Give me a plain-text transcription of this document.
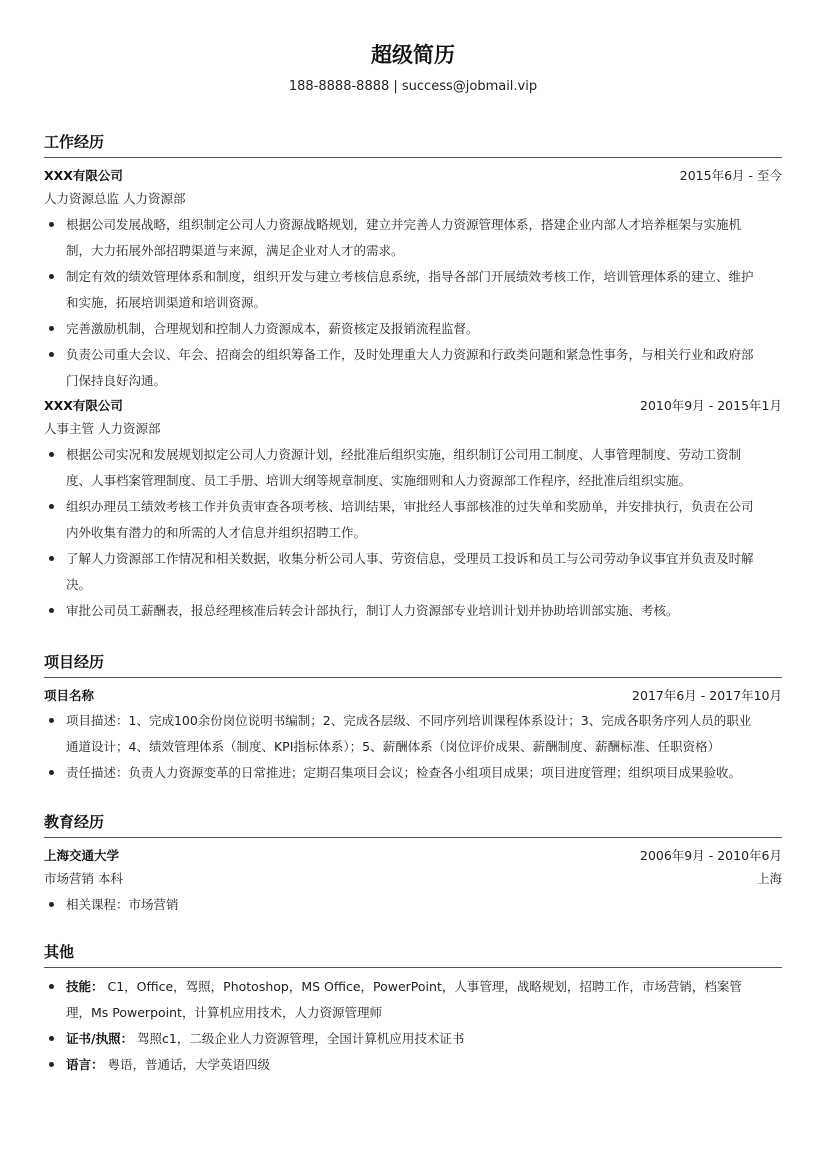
超级简历
188-8888-8888 | success@jobmail.vip
工作经历
XXX有限公司	2015年6月 - 至今
人力资源总监 人力资源部
根据公司发展战略，组织制定公司人力资源战略规划，建立并完善人力资源管理体系，搭建企业内部人才培养框架与实施机制，大力拓展外部招聘渠道与来源，满足企业对人才的需求。
制定有效的绩效管理体系和制度，组织开发与建立考核信息系统，指导各部门开展绩效考核工作，培训管理体系的建立、维护和实施，拓展培训渠道和培训资源。
完善激励机制，合理规划和控制人力资源成本，薪资核定及报销流程监督。
负责公司重大会议、年会、招商会的组织筹备工作，及时处理重大人力资源和行政类问题和紧急性事务，与相关行业和政府部门保持良好沟通。
XXX有限公司	2010年9月 - 2015年1月
人事主管 人力资源部
根据公司实况和发展规划拟定公司人力资源计划，经批准后组织实施，组织制订公司用工制度、人事管理制度、劳动工资制度、人事档案管理制度、员工手册、培训大纲等规章制度、实施细则和人力资源部工作程序，经批准后组织实施。
组织办理员工绩效考核工作并负责审查各项考核、培训结果，审批经人事部核准的过失单和奖励单，并安排执行，负责在公司内外收集有潜力的和所需的人才信息并组织招聘工作。
了解人力资源部工作情况和相关数据，收集分析公司人事、劳资信息，受理员工投诉和员工与公司劳动争议事宜并负责及时解决。
审批公司员工薪酬表，报总经理核准后转会计部执行，制订人力资源部专业培训计划并协助培训部实施、考核。
项目经历
项目名称	2017年6月 - 2017年10月
项目描述：1、完成100余份岗位说明书编制；2、完成各层级、不同序列培训课程体系设计；3、完成各职务序列人员的职业通道设计；4、绩效管理体系（制度、KPI指标体系）；5、薪酬体系（岗位评价成果、薪酬制度、薪酬标准、任职资格）
责任描述：负责人力资源变革的日常推进；定期召集项目会议；检查各小组项目成果；项目进度管理；组织项目成果验收。
教育经历
上海交通大学	2006年9月 - 2010年6月
市场营销 本科	上海
相关课程：市场营销
其他
技能： C1，Office，驾照，Photoshop，MS Office，PowerPoint，人事管理，战略规划，招聘工作，市场营销，档案管理，Ms Powerpoint，计算机应用技术，人力资源管理师
证书/执照： 驾照c1，二级企业人力资源管理，全国计算机应用技术证书
语言： 粤语，普通话，大学英语四级
